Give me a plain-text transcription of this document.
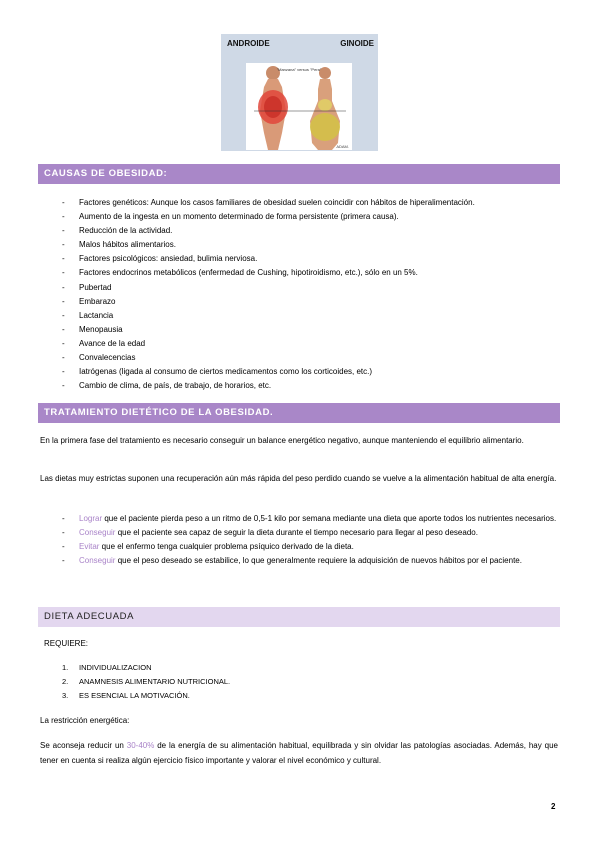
ANDROIDE	GINOIDE
"Manzana" versus "Pera"
ADAM.
CAUSAS DE OBESIDAD:
- Factores genéticos: Aunque los casos familiares de obesidad suelen coincidir con hábitos de hiperalimentación.
- Aumento de la ingesta en un momento determinado de forma persistente (primera causa).
- Reducción de la actividad.
- Malos hábitos alimentarios.
- Factores psicológicos: ansiedad, bulimia nerviosa.
- Factores endocrinos metabólicos (enfermedad de Cushing, hipotiroidismo, etc.), sólo en un 5%.
- Pubertad
- Embarazo
- Lactancia
- Menopausia
- Avance de la edad
- Convalecencias
- Iatrógenas (ligada al consumo de ciertos medicamentos como los corticoides, etc.)
- Cambio de clima, de país, de trabajo, de horarios, etc.
TRATAMIENTO DIETÉTICO DE LA OBESIDAD.

En la primera fase del tratamiento es necesario conseguir un balance energético negativo, aunque manteniendo el equilibrio alimentario.

Las dietas muy estrictas suponen una recuperación aún más rápida del peso perdido cuando se vuelve a la alimentación habitual de alta energía.

- Lograr que el paciente pierda peso a un ritmo de 0,5-1 kilo por semana mediante una dieta que aporte todos los nutrientes necesarios.
- Conseguir que el paciente sea capaz de seguir la dieta durante el tiempo necesario para llegar al peso deseado.
- Evitar que el enfermo tenga cualquier problema psíquico derivado de la dieta.
- Conseguir que el peso deseado se estabilice, lo que generalmente requiere la adquisición de nuevos hábitos por el paciente.
DIETA ADECUADA
REQUIERE:
1. INDIVIDUALIZACION
2. ANAMNESIS ALIMENTARIO NUTRICIONAL.
3. ES ESENCIAL LA MOTIVACIÓN.
La restricción energética:

Se aconseja reducir un 30-40% de la energía de su alimentación habitual, equilibrada y sin olvidar las patologías asociadas. Además, hay que tener en cuenta si realiza algún ejercicio físico importante y valorar el nivel económico y cultural.

2
